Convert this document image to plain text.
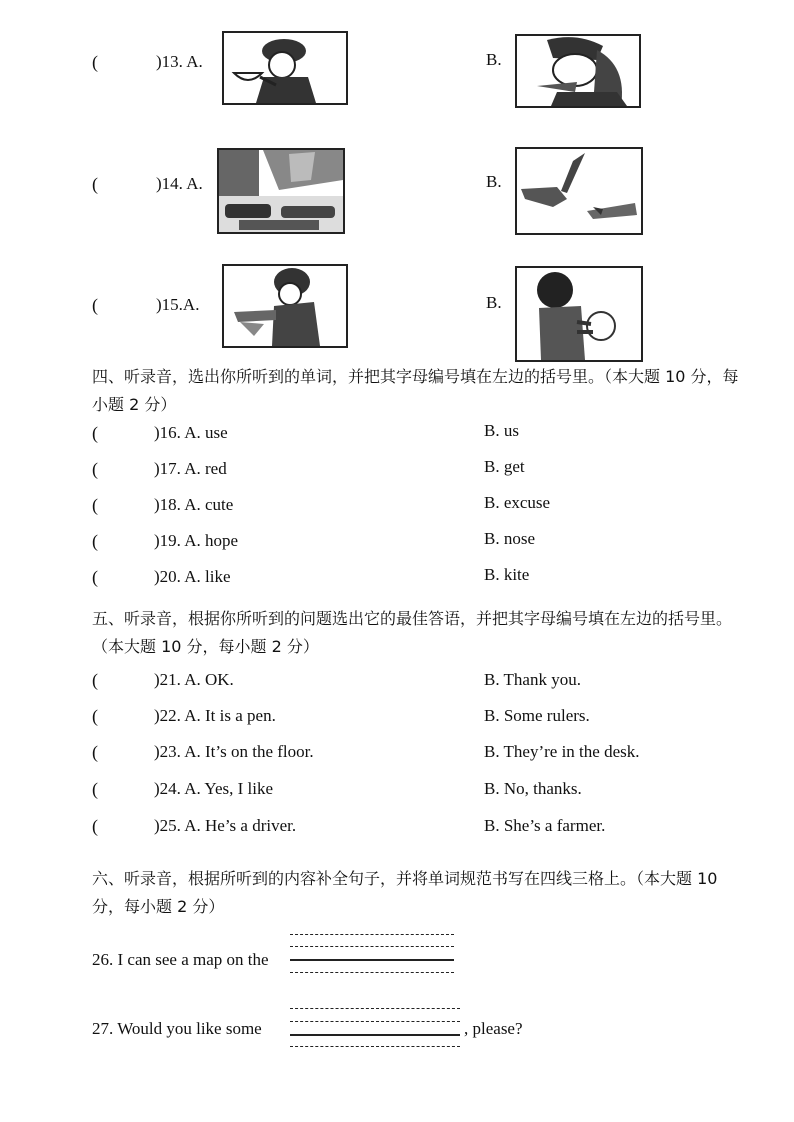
(	)13. A.	B.
(	)14. A.	B.
(	)15.A.	B.
四、听录音，选出你所听到的单词，并把其字母编号填在左边的括号里。（本大题 10 分，每小题 2 分）
(	)16. A. use	B. us
(	)17. A. red	B. get
(	)18. A. cute	B. excuse
(	)19. A. hope	B. nose
(	)20. A. like	B. kite
五、听录音，根据你所听到的问题选出它的最佳答语，并把其字母编号填在左边的括号里。（本大题 10 分，每小题 2 分）
(	)21. A. OK.	B. Thank you.
(	)22. A. It is a pen.	B. Some rulers.
(	)23. A. It’s on the floor.	B. They’re in the desk.
(	)24. A. Yes, I like	B. No, thanks.
(	)25. A. He’s a driver.	B. She’s a farmer.
六、听录音，根据所听到的内容补全句子，并将单词规范书写在四线三格上。（本大题 10 分，每小题 2 分）
26. I can see a map on the
27. Would you like some	, please?
